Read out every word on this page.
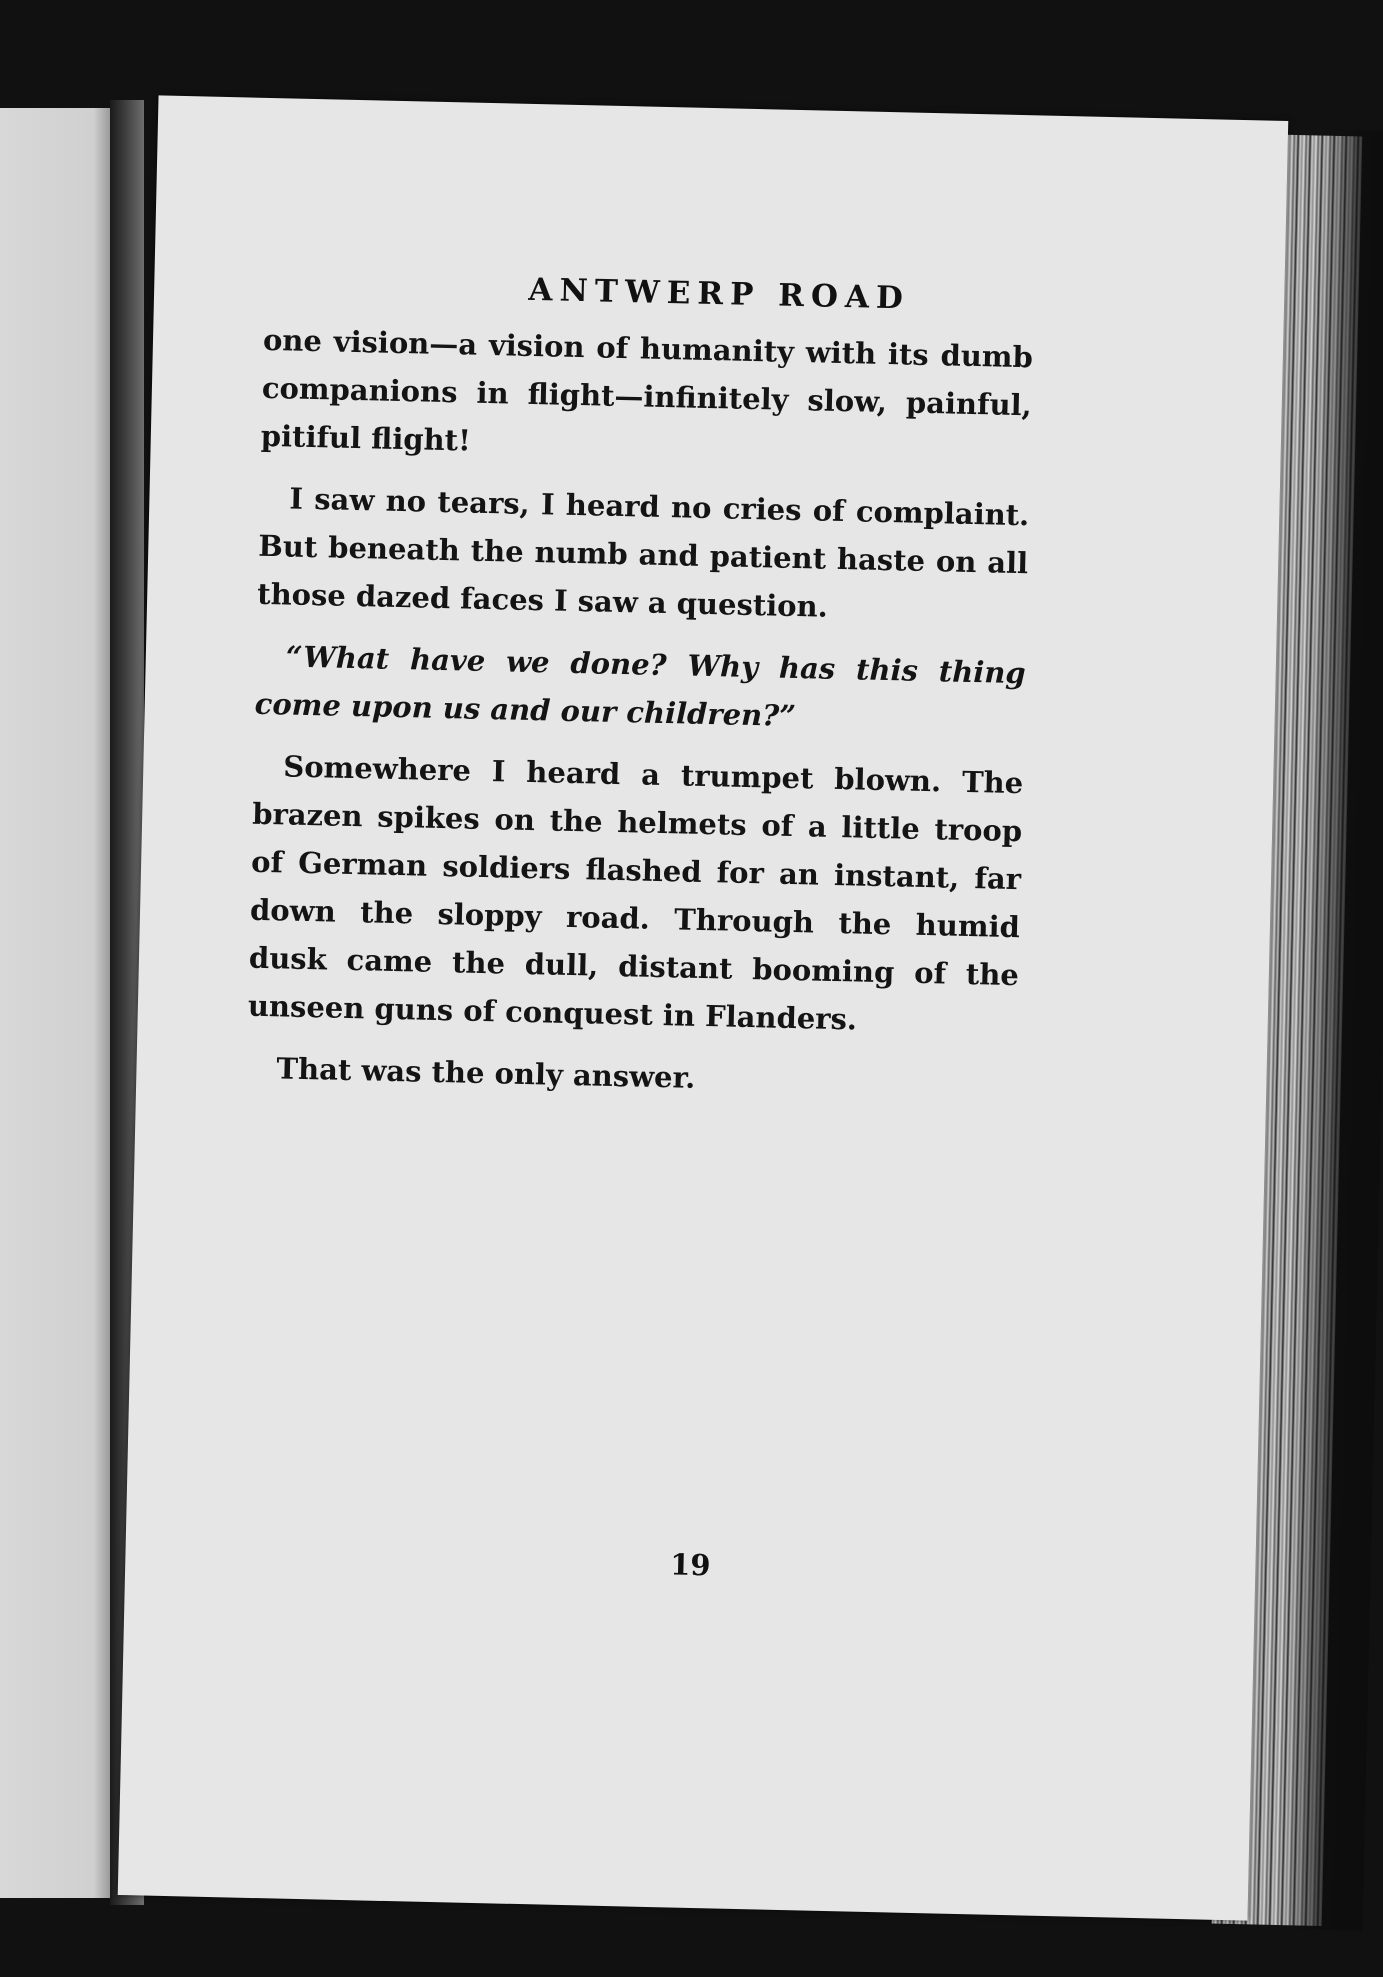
ANTWERP ROAD

one vision—a vision of humanity with its dumb companions in flight—infinitely slow, painful, pitiful flight!

I saw no tears, I heard no cries of complaint. But beneath the numb and patient haste on all those dazed faces I saw a question.

“What have we done? Why has this thing come upon us and our children?”

Somewhere I heard a trumpet blown. The brazen spikes on the helmets of a little troop of German soldiers flashed for an instant, far down the sloppy road. Through the humid dusk came the dull, distant booming of the unseen guns of conquest in Flanders.

That was the only answer.

19
